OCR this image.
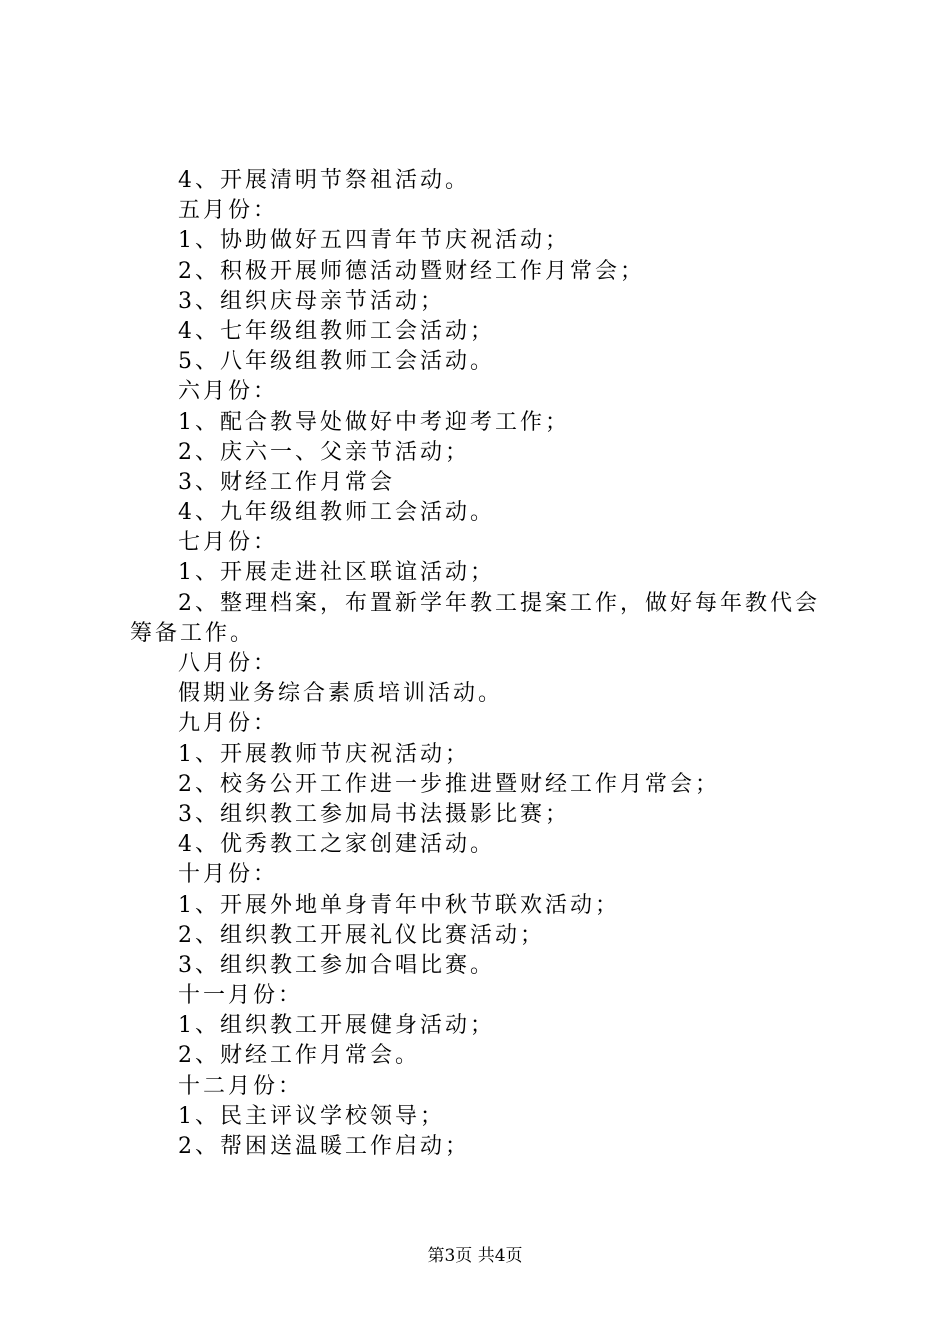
4、开展清明节祭祖活动。
五月份：
1、协助做好五四青年节庆祝活动；
2、积极开展师德活动暨财经工作月常会；
3、组织庆母亲节活动；
4、七年级组教师工会活动；
5、八年级组教师工会活动。
六月份：
1、配合教导处做好中考迎考工作；
2、庆六一、父亲节活动；
3、财经工作月常会
4、九年级组教师工会活动。
七月份：
1、开展走进社区联谊活动；
2、整理档案，布置新学年教工提案工作，做好每年教代会筹备工作。
八月份：
假期业务综合素质培训活动。
九月份：
1、开展教师节庆祝活动；
2、校务公开工作进一步推进暨财经工作月常会；
3、组织教工参加局书法摄影比赛；
4、优秀教工之家创建活动。
十月份：
1、开展外地单身青年中秋节联欢活动；
2、组织教工开展礼仪比赛活动；
3、组织教工参加合唱比赛。
十一月份：
1、组织教工开展健身活动；
2、财经工作月常会。
十二月份：
1、民主评议学校领导；
2、帮困送温暖工作启动；
第3页 共4页
